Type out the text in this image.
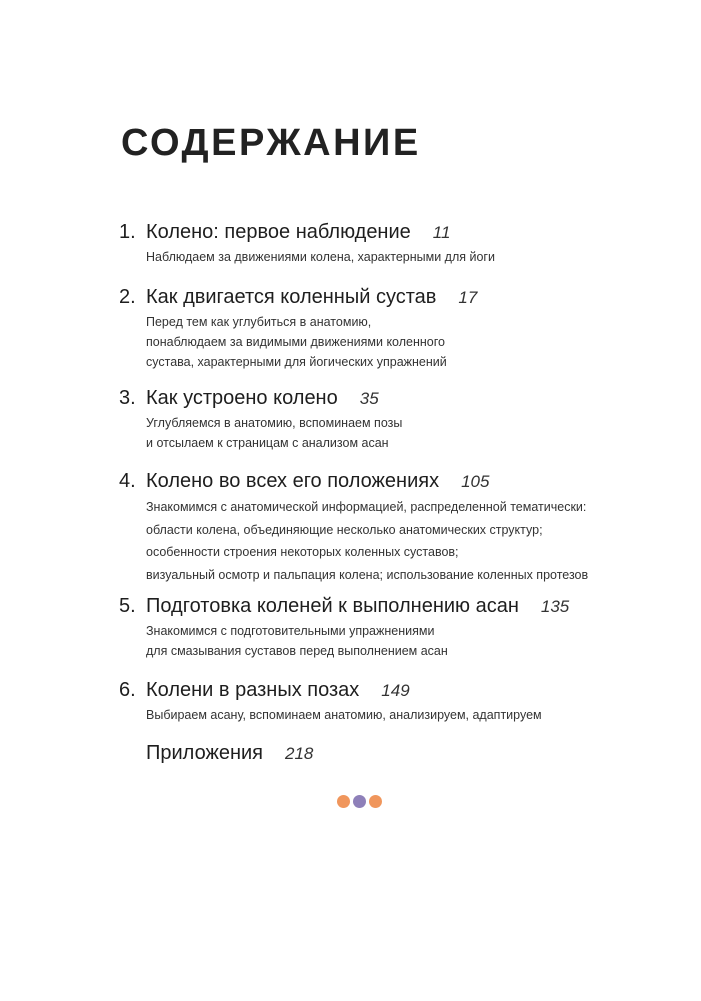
СОДЕРЖАНИЕ
1. Колено: первое наблюдение 11
Наблюдаем за движениями колена, характерными для йоги
2. Как двигается коленный сустав 17
Перед тем как углубиться в анатомию,
понаблюдаем за видимыми движениями коленного
сустава, характерными для йогических упражнений
3. Как устроено колено 35
Углубляемся в анатомию, вспоминаем позы
и отсылаем к страницам с анализом асан
4. Колено во всех его положениях 105
Знакомимся с анатомической информацией, распределенной тематически:
области колена, объединяющие несколько анатомических структур;
особенности строения некоторых коленных суставов;
визуальный осмотр и пальпация колена; использование коленных протезов
5. Подготовка коленей к выполнению асан 135
Знакомимся с подготовительными упражнениями
для смазывания суставов перед выполнением асан
6. Колени в разных позах 149
Выбираем асану, вспоминаем анатомию, анализируем, адаптируем
Приложения 218
